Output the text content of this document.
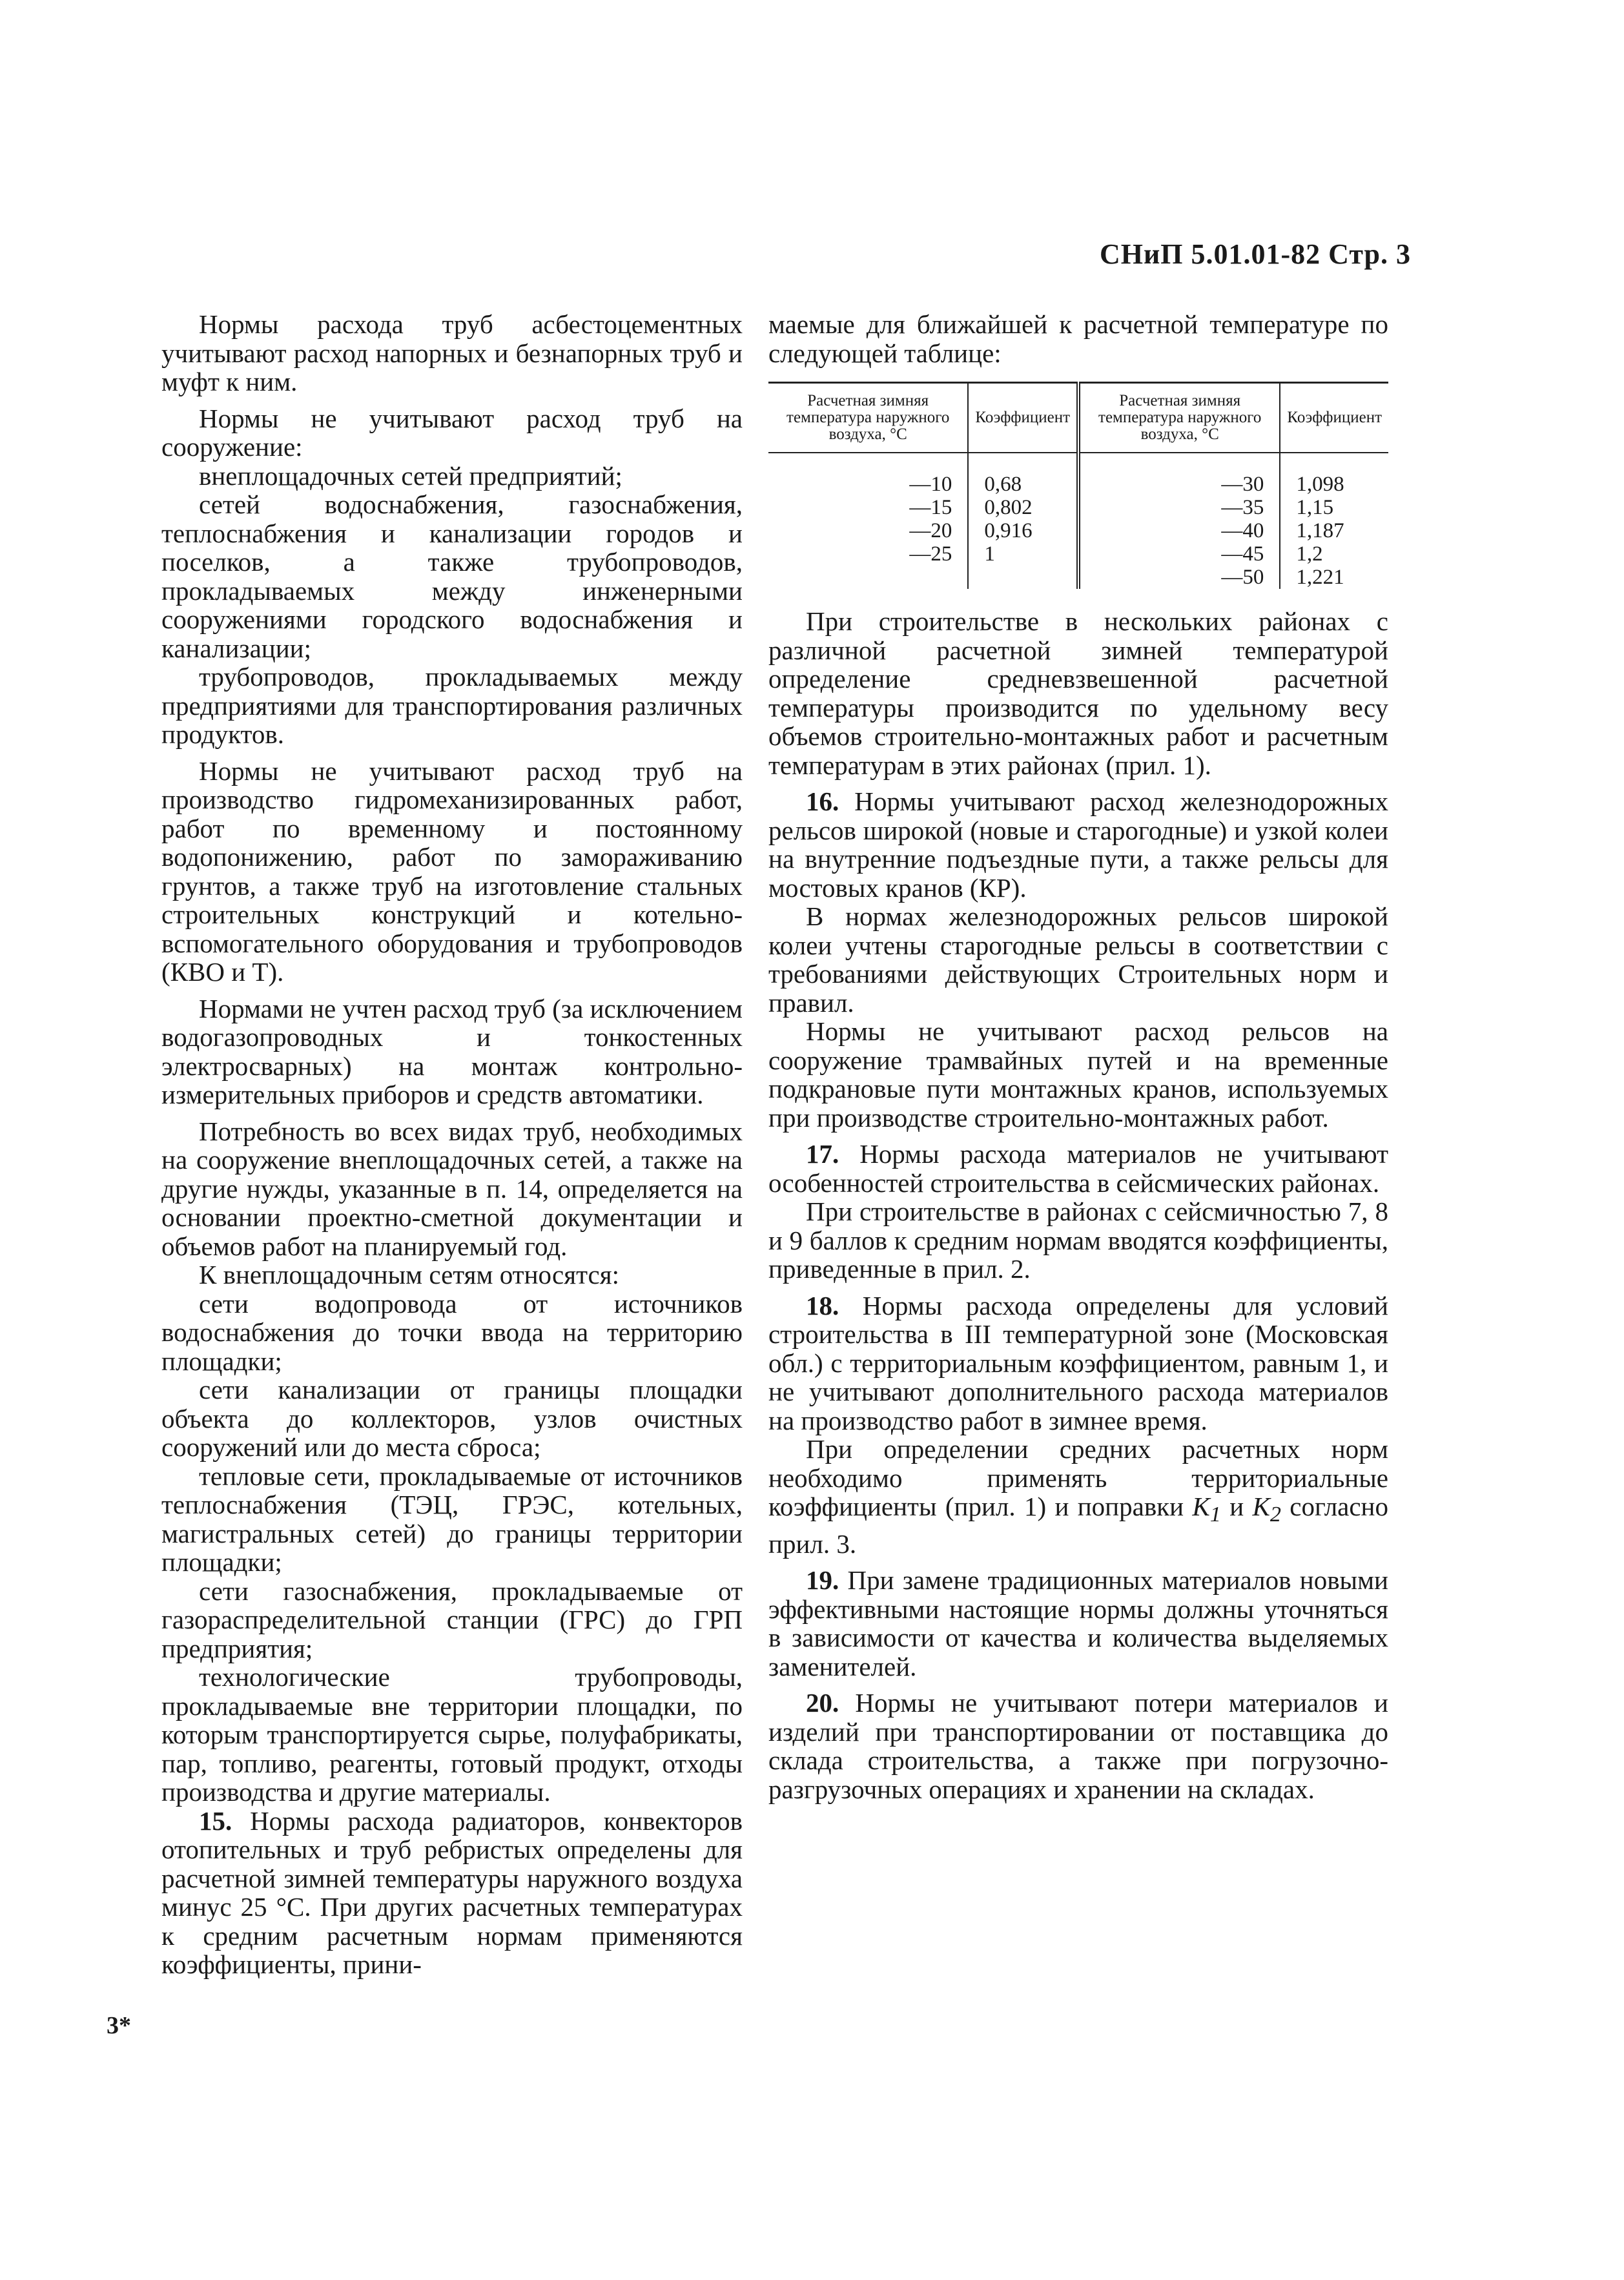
СНиП 5.01.01-82 Стр. 3

Нормы расхода труб асбестоцементных учитывают расход напорных и безнапорных труб и муфт к ним.

Нормы не учитывают расход труб на сооружение:

внеплощадочных сетей предприятий;

сетей водоснабжения, газоснабжения, теплоснабжения и канализации городов и поселков, а также трубопроводов, прокладываемых между инженерными сооружениями городского водоснабжения и канализации;

трубопроводов, прокладываемых между предприятиями для транспортирования различных продуктов.

Нормы не учитывают расход труб на производство гидромеханизированных работ, работ по временному и постоянному водопонижению, работ по замораживанию грунтов, а также труб на изготовление стальных строительных конструкций и котельно-вспомогательного оборудования и трубопроводов (КВО и Т).

Нормами не учтен расход труб (за исключением водогазопроводных и тонкостенных электросварных) на монтаж контрольно-измерительных приборов и средств автоматики.

Потребность во всех видах труб, необходимых на сооружение внеплощадочных сетей, а также на другие нужды, указанные в п. 14, определяется на основании проектно-сметной документации и объемов работ на планируемый год.

К внеплощадочным сетям относятся:

сети водопровода от источников водоснабжения до точки ввода на территорию площадки;

сети канализации от границы площадки объекта до коллекторов, узлов очистных сооружений или до места сброса;

тепловые сети, прокладываемые от источников теплоснабжения (ТЭЦ, ГРЭС, котельных, магистральных сетей) до границы территории площадки;

сети газоснабжения, прокладываемые от газораспределительной станции (ГРС) до ГРП предприятия;

технологические трубопроводы, прокладываемые вне территории площадки, по которым транспортируется сырье, полуфабрикаты, пар, топливо, реагенты, готовый продукт, отходы производства и другие материалы.

15. Нормы расхода радиаторов, конвекторов отопительных и труб ребристых определены для расчетной зимней температуры наружного воздуха минус 25 °С. При других расчетных температурах к средним расчетным нормам применяются коэффициенты, прини-

маемые для ближайшей к расчетной температуре по следующей таблице:

Расчетная зимняя температура наружного воздуха, °С	Коэффициент	Расчетная зимняя температура наружного воздуха, °С	Коэффициент
—10	0,68	—30	1,098
—15	0,802	—35	1,15
—20	0,916	—40	1,187
—25	1	—45	1,2
		—50	1,221

При строительстве в нескольких районах с различной расчетной зимней температурой определение средневзвешенной расчетной температуры производится по удельному весу объемов строительно-монтажных работ и расчетным температурам в этих районах (прил. 1).

16. Нормы учитывают расход железнодорожных рельсов широкой (новые и старогодные) и узкой колеи на внутренние подъездные пути, а также рельсы для мостовых кранов (КР).

В нормах железнодорожных рельсов широкой колеи учтены старогодные рельсы в соответствии с требованиями действующих Строительных норм и правил.

Нормы не учитывают расход рельсов на сооружение трамвайных путей и на временные подкрановые пути монтажных кранов, используемых при производстве строительно-монтажных работ.

17. Нормы расхода материалов не учитывают особенностей строительства в сейсмических районах.

При строительстве в районах с сейсмичностью 7, 8 и 9 баллов к средним нормам вводятся коэффициенты, приведенные в прил. 2.

18. Нормы расхода определены для условий строительства в III температурной зоне (Московская обл.) с территориальным коэффициентом, равным 1, и не учитывают дополнительного расхода материалов на производство работ в зимнее время.

При определении средних расчетных норм необходимо применять территориальные коэффициенты (прил. 1) и поправки $K_1$ и $K_2$ согласно прил. 3.

19. При замене традиционных материалов новыми эффективными настоящие нормы должны уточняться в зависимости от качества и количества выделяемых заменителей.

20. Нормы не учитывают потери материалов и изделий при транспортировании от поставщика до склада строительства, а также при погрузочно-разгрузочных операциях и хранении на складах.

3*
